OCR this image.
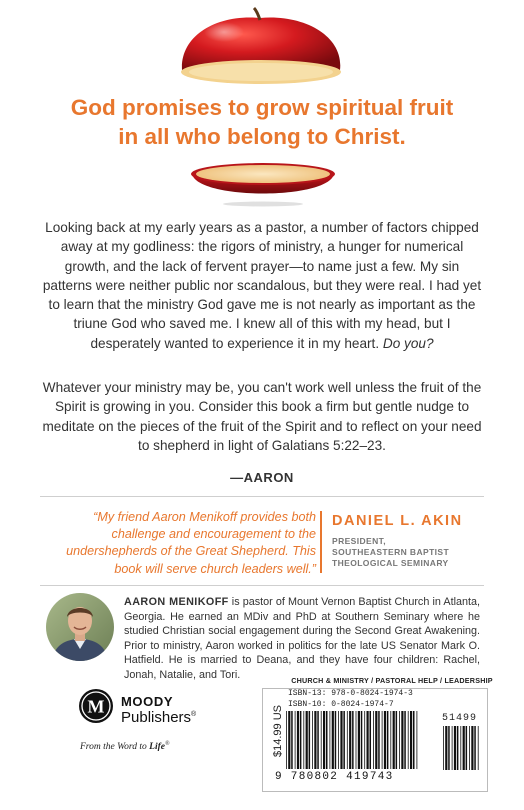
God promises to grow spiritual fruit
in all who belong to Christ.
Looking back at my early years as a pastor, a number of factors chipped away at my godliness: the rigors of ministry, a hunger for numerical growth, and the lack of fervent prayer—to name just a few. My sin patterns were neither public nor scandalous, but they were real. I had yet to learn that the ministry God gave me is not nearly as important as the triune God who saved me. I knew all of this with my head, but I desperately wanted to experience it in my heart. Do you?
Whatever your ministry may be, you can't work well unless the fruit of the Spirit is growing in you. Consider this book a firm but gentle nudge to meditate on the pieces of the fruit of the Spirit and to reflect on your need to shepherd in light of Galatians 5:22–23.
—AARON
“My friend Aaron Menikoff provides both challenge and encouragement to the undershepherds of the Great Shepherd. This book will serve church leaders well.”
DANIEL L. AKIN
PRESIDENT,
SOUTHEASTERN BAPTIST
THEOLOGICAL SEMINARY
AARON MENIKOFF is pastor of Mount Vernon Baptist Church in Atlanta, Georgia. He earned an MDiv and PhD at Southern Seminary where he studied Christian social engagement during the Second Great Awakening. Prior to ministry, Aaron worked in politics for the late US Senator Mark O. Hatfield. He is married to Deana, and they have four children: Rachel, Jonah, Natalie, and Tori.	CHURCH & MINISTRY / PASTORAL HELP / LEADERSHIP
M MOODY
Publishers®
From the Word to Life®	$14.99 US
ISBN-13: 978-0-8024-1974-3
ISBN-10: 0-8024-1974-7
51499
9 780802 419743
